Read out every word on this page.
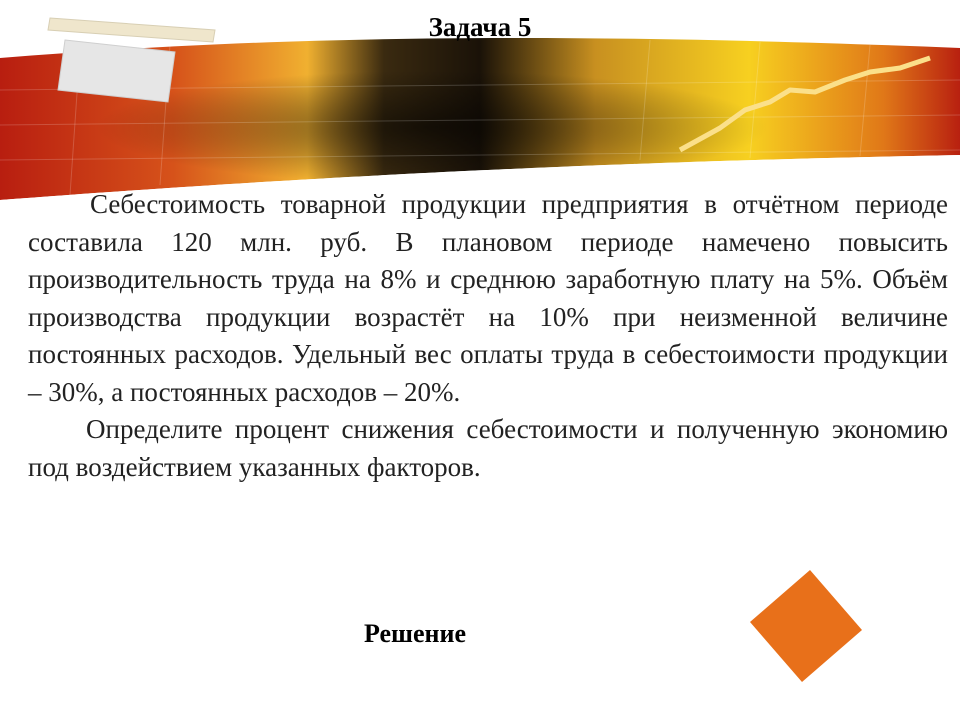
Задача 5

Себестоимость товарной продукции предприятия в отчётном периоде составила 120 млн. руб. В плановом периоде намечено повысить производительность труда на 8% и среднюю заработную плату на 5%. Объём производства продукции возрастёт на 10% при неизменной величине постоянных расходов. Удельный вес оплаты труда в себестоимости продукции – 30%, а постоянных расходов – 20%.

Определите процент снижения себестоимости и полученную экономию под воздействием указанных факторов.

Решение
